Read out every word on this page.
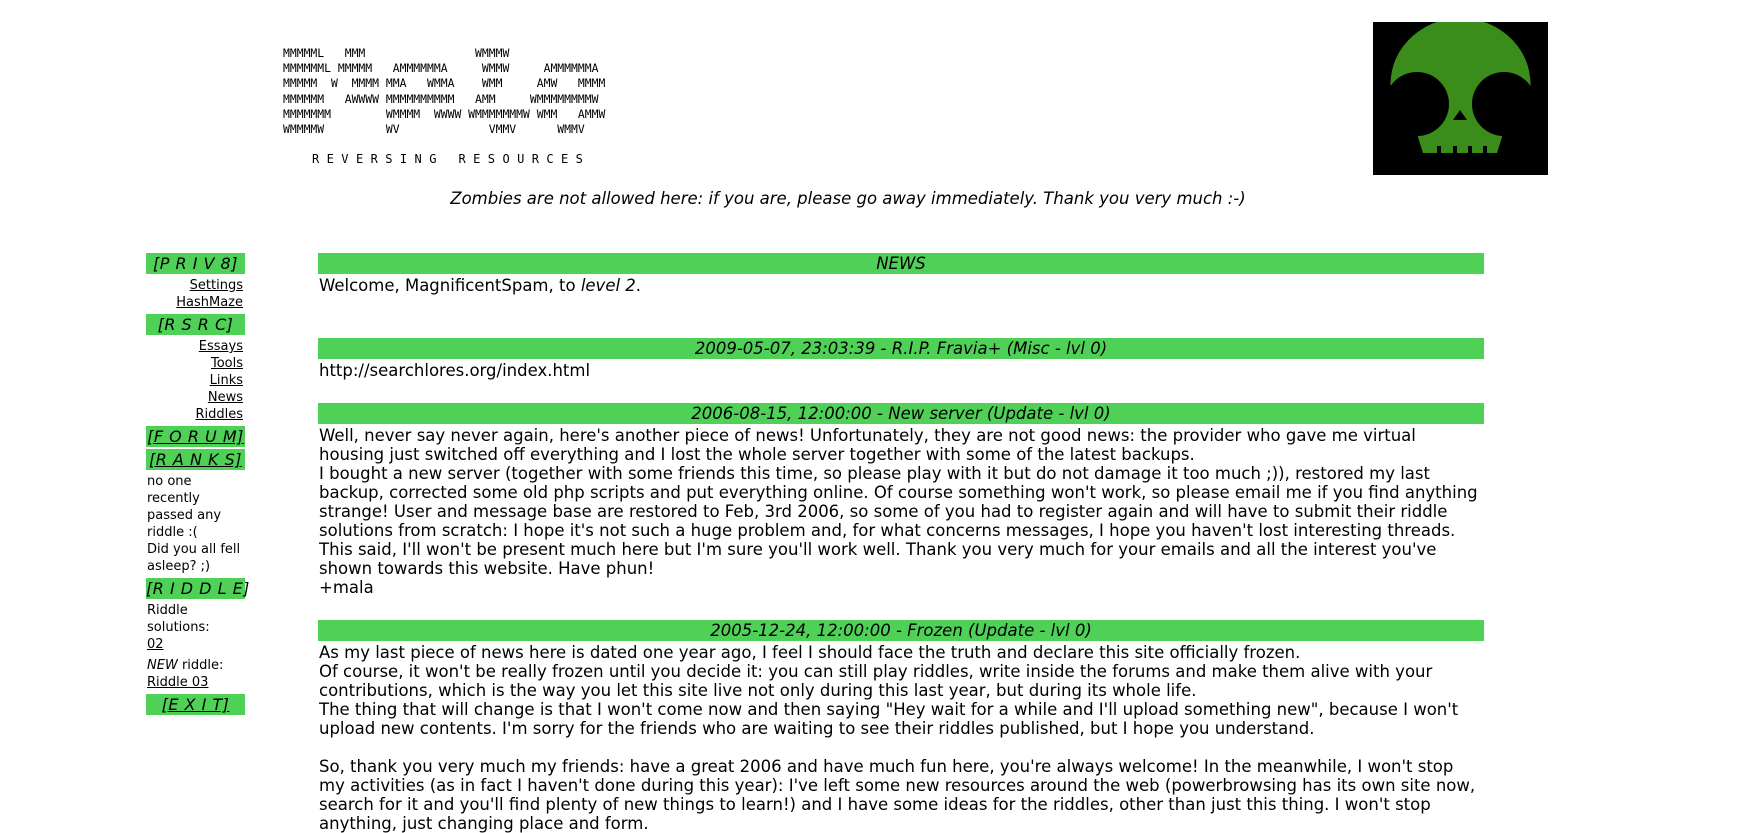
MMMMML   MMM                WMMMW
MMMMMML MMMMM   AMMMMMMA     WMMW     AMMMMMMA
MMMMM  W  MMMM MMA   WMMA    WMM     AMW   MMMM
MMMMMM   AWWWW MMMMMMMMMM   AMM     WMMMMMMMMW
MMMMMMM        WMMMM  WWWW WMMMMMMMW WMM   AMMW
WMMMMW         WV             VMMV      WMMV
R E V E R S I N G   R E S O U R C E S
Zombies are not allowed here: if you are, please go away immediately. Thank you very much :-)
[P R I V 8]
Settings
HashMaze
[R S R C]
Essays
Tools
Links
News
Riddles
[F O R U M]
[R A N K S]
no one recently passed any riddle :(
Did you all fell asleep? ;)
[R I D D L E]
Riddle solutions:
02
NEW riddle:
Riddle 03
[E X I T]
NEWS
Welcome, MagnificentSpam, to level 2.
2009-05-07, 23:03:39 - R.I.P. Fravia+ (Misc - lvl 0)

http://searchlores.org/index.html

2006-08-15, 12:00:00 - New server (Update - lvl 0)

Well, never say never again, here's another piece of news! Unfortunately, they are not good news: the provider who gave me virtual housing just switched off everything and I lost the whole server together with some of the latest backups.

I bought a new server (together with some friends this time, so please play with it but do not damage it too much ;)), restored my last backup, corrected some old php scripts and put everything online. Of course something won't work, so please email me if you find anything strange! User and message base are restored to Feb, 3rd 2006, so some of you had to register again and will have to submit their riddle solutions from scratch: I hope it's not such a huge problem and, for what concerns messages, I hope you haven't lost interesting threads.

This said, I'll won't be present much here but I'm sure you'll work well. Thank you very much for your emails and all the interest you've shown towards this website. Have phun!

+mala

2005-12-24, 12:00:00 - Frozen (Update - lvl 0)

As my last piece of news here is dated one year ago, I feel I should face the truth and declare this site officially frozen.

Of course, it won't be really frozen until you decide it: you can still play riddles, write inside the forums and make them alive with your contributions, which is the way you let this site live not only during this last year, but during its whole life.

The thing that will change is that I won't come now and then saying "Hey wait for a while and I'll upload something new", because I won't upload new contents. I'm sorry for the friends who are waiting to see their riddles published, but I hope you understand.

So, thank you very much my friends: have a great 2006 and have much fun here, you're always welcome! In the meanwhile, I won't stop my activities (as in fact I haven't done during this year): I've left some new resources around the web (powerbrowsing has its own site now, search for it and you'll find plenty of new things to learn!) and I have some ideas for the riddles, other than just this thing. I won't stop anything, just changing place and form.
